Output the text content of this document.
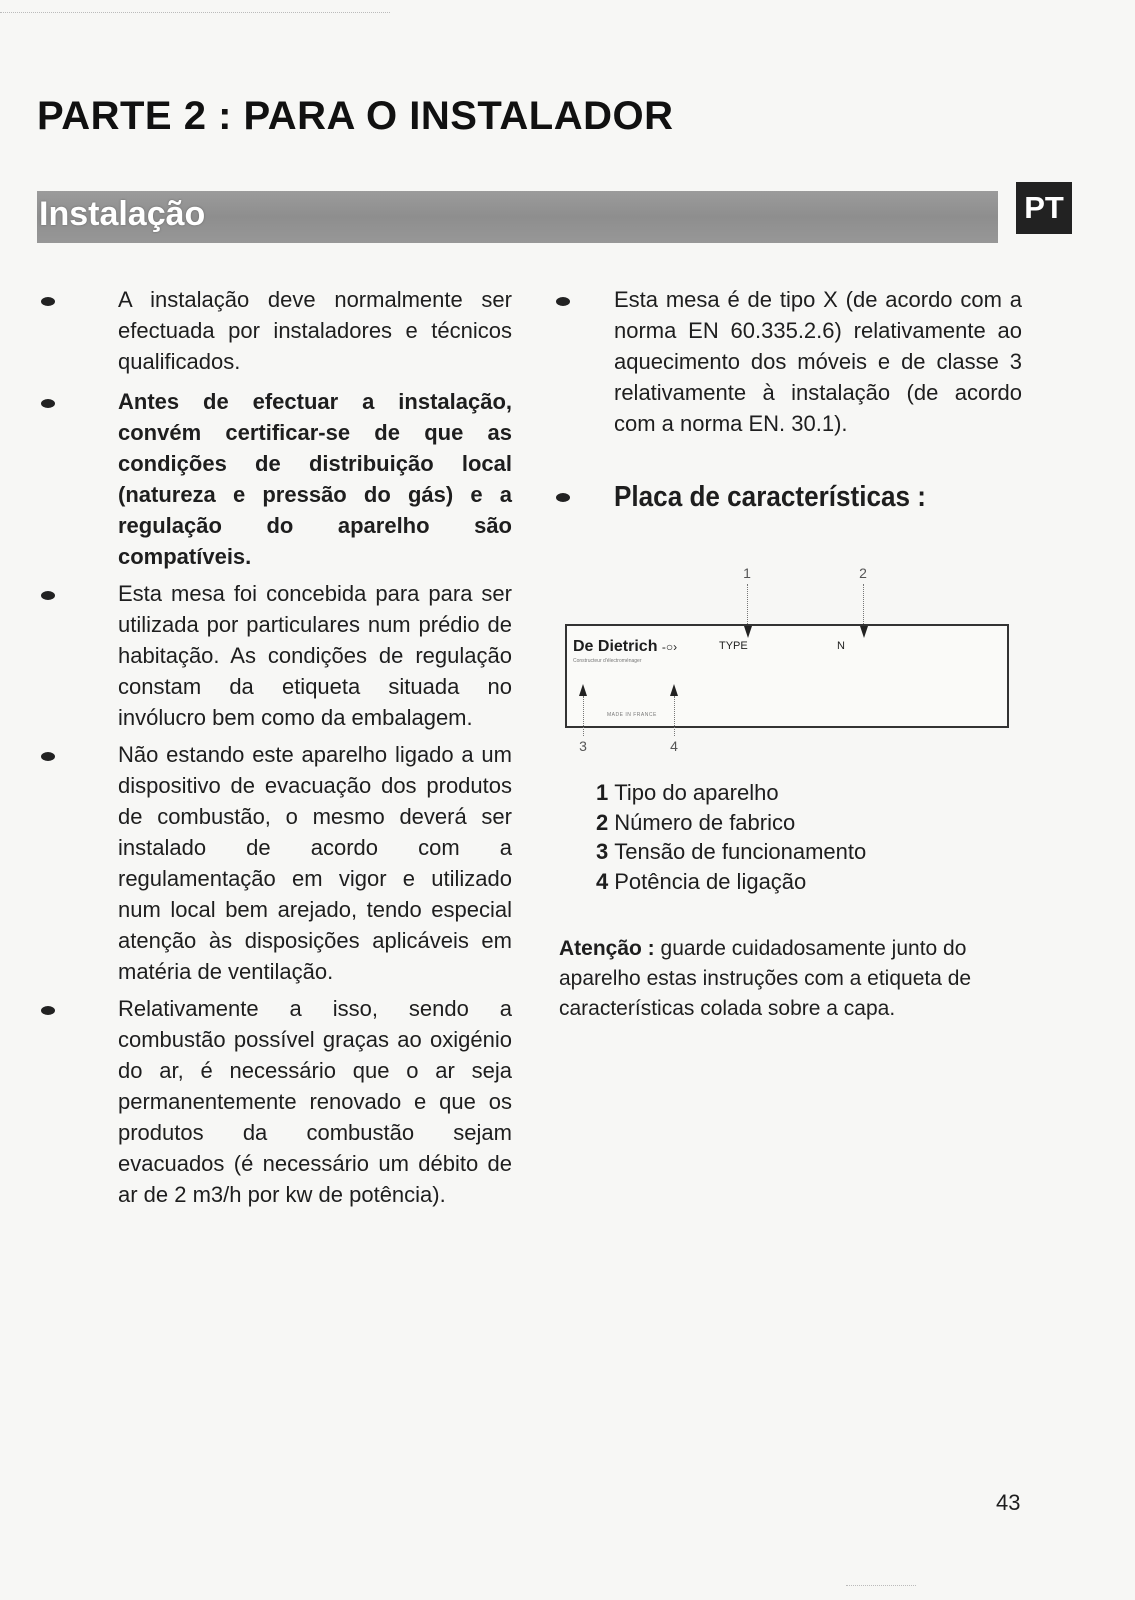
PARTE 2 : PARA O INSTALADOR
Instalação	PT
A instalação deve normalmente ser efectuada por instaladores e técnicos qualificados.
Antes de efectuar a instalação, convém certificar-se de que as condições de distribuição local (natureza e pressão do gás) e a regulação do aparelho são compatíveis.
Esta mesa foi concebida para para ser utilizada por particulares num prédio de habitação. As condições de regulação constam da etiqueta situada no invólucro bem como da embalagem.
Não estando este aparelho ligado a um dispositivo de evacuação dos produtos de combustão, o mesmo deverá ser instalado de acordo com a regulamentação em vigor e utilizado num local bem arejado, tendo especial atenção às disposições aplicáveis em matéria de ventilação.
Relativamente a isso, sendo a combustão possível graças ao oxigénio do ar, é necessário que o ar seja permanentemente renovado e que os produtos da combustão sejam evacuados (é necessário um débito de ar de 2 m3/h por kw de potência).
Esta mesa é de tipo X (de acordo com a norma EN 60.335.2.6) relativamente ao aquecimento dos móveis e de classe 3 relativamente à instalação (de acordo com a norma EN. 30.1).

Placa de características :

1	2
De Dietrich -○›
Constructeur d'électroménager
TYPE	N
MADE IN FRANCE
3	4
1 Tipo do aparelho
2 Número de fabrico
3 Tensão de funcionamento
4 Potência de ligação

Atenção : guarde cuidadosamente junto do aparelho estas instruções com a etiqueta de características colada sobre a capa.

43
